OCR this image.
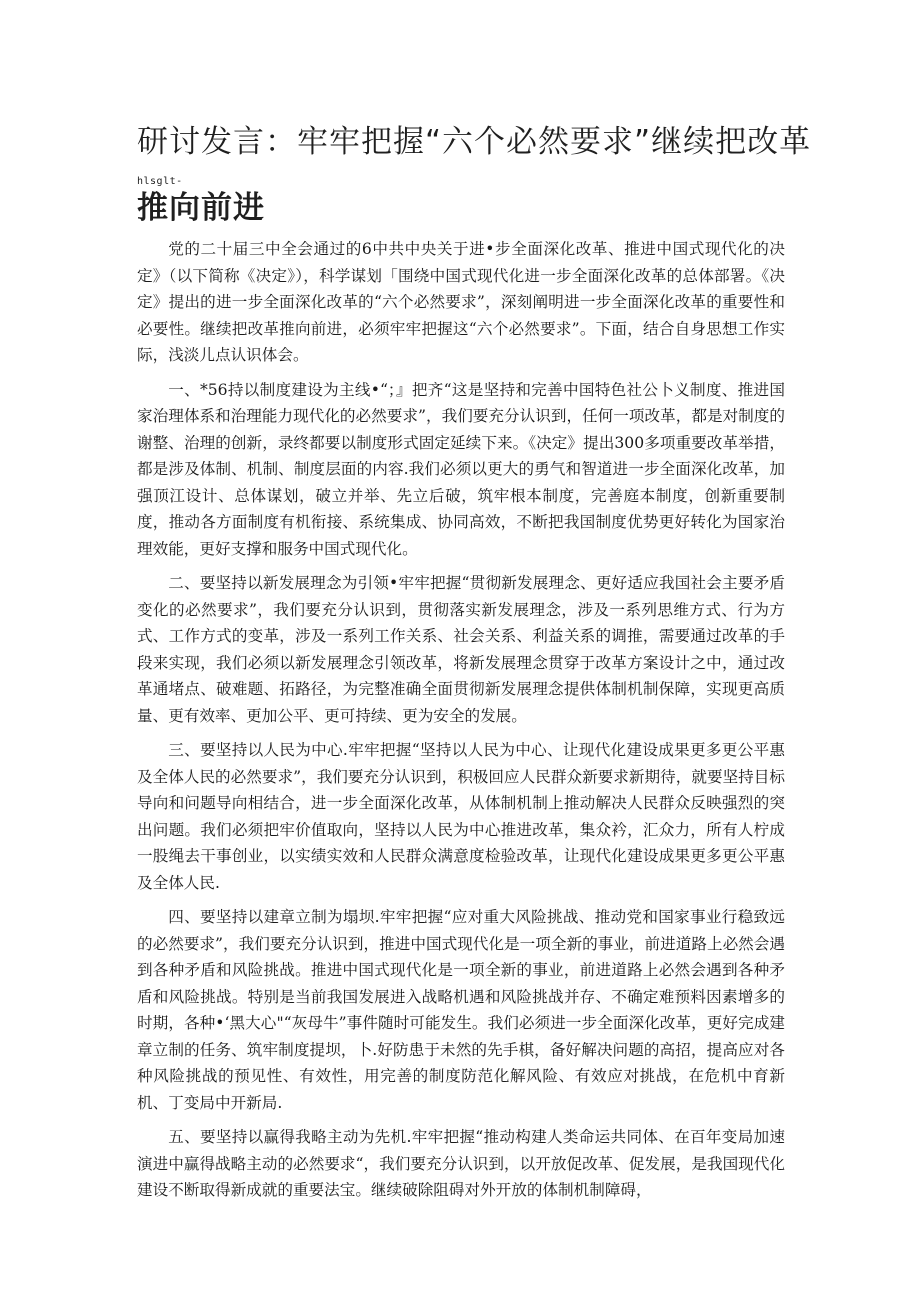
研讨发言：牢牢把握“六个必然要求”继续把改革
hlsglt-
推向前进

党的二十届三中全会通过的6中共中央关于进•步全面深化改革、推进中国式现代化的决定》（以下简称《决定》），科学谋划「围绕中国式现代化进一步全面深化改革的总体部署。《决定》提出的进一步全面深化改革的“六个必然要求”，深刻阐明进一步全面深化改革的重要性和必要性。继续把改革推向前进，必须牢牢把握这“六个必然要求”。下面，结合自身思想工作实际，浅淡儿点认识体会。

一、*56持以制度建设为主线•“；』把齐“这是坚持和完善中国特色社公卜义制度、推进国家治理体系和治理能力现代化的必然要求”，我们要充分认识到，任何一项改革，都是对制度的谢整、治理的创新，录终都要以制度形式固定延续下来。《决定》提出300多项重要改革举措，都是涉及体制、机制、制度层面的内容.我们必须以更大的勇气和智道进一步全面深化改革，加强顶江设计、总体谋划，破立并举、先立后破，筑牢根本制度，完善庭本制度，创新重要制度，推动各方面制度有机衔接、系统集成、协同高效，不断把我国制度优势更好转化为国家治理效能，更好支撑和服务中国式现代化。

二、要坚持以新发展理念为引领•牢牢把握“贯彻新发展理念、更好适应我国社会主要矛盾变化的必然要求”，我们要充分认识到，贯彻落实新发展理念，涉及一系列思维方式、行为方式、工作方式的变革，涉及一系列工作关系、社会关系、利益关系的调推，需要通过改革的手段来实现，我们必须以新发展理念引领改革，将新发展理念贯穿于改革方案设计之中，通过改革通堵点、破难题、拓路径，为完整准确全面贯彻新发展理念提供体制机制保障，实现更高质量、更有效率、更加公平、更可持续、更为安全的发展。

三、要坚持以人民为中心.牢牢把握“坚持以人民为中心、让现代化建设成果更多更公平惠及全体人民的必然要求”，我们要充分认识到，积极回应人民群众新要求新期待，就要坚持目标导向和问题导向相结合，进一步全面深化改革，从体制机制上推动解决人民群众反映强烈的突出问题。我们必须把牢价值取向，坚持以人民为中心推进改革，集众衿，汇众力，所有人柠成一股绳去干事创业，以实绩实效和人民群众满意度检验改革，让现代化建设成果更多更公平惠及全体人民.

四、要坚持以建章立制为塌坝.牢牢把握“应对重大风险挑战、推动党和国家事业行稳致远的必然要求”，我们要充分认识到，推进中国式现代化是一项全新的事业，前进道路上必然会遇到各种矛盾和风险挑战。推进中国式现代化是一项全新的事业，前进道路上必然会遇到各种矛盾和风险挑战。特别是当前我国发展进入战略机遇和风险挑战并存、不确定难预料因素增多的时期，各种•‘黑大心"“灰母牛”事件随时可能发生。我们必须进一步全面深化改革，更好完成建章立制的任务、筑牢制度提坝，卜.好防患于未然的先手棋，备好解决问题的高招，提高应对各种风险挑战的预见性、有效性，用完善的制度防范化解风险、有效应对挑战，在危机中育新机、丁变局中开新局.

五、要坚持以赢得我略主动为先机.牢牢把握“推动构建人类命运共同体、在百年变局加速演进中赢得战略主动的必然要求“，我们要充分认识到，以开放促改革、促发展，是我国现代化建设不断取得新成就的重要法宝。继续破除阻碍对外开放的体制机制障碍，
